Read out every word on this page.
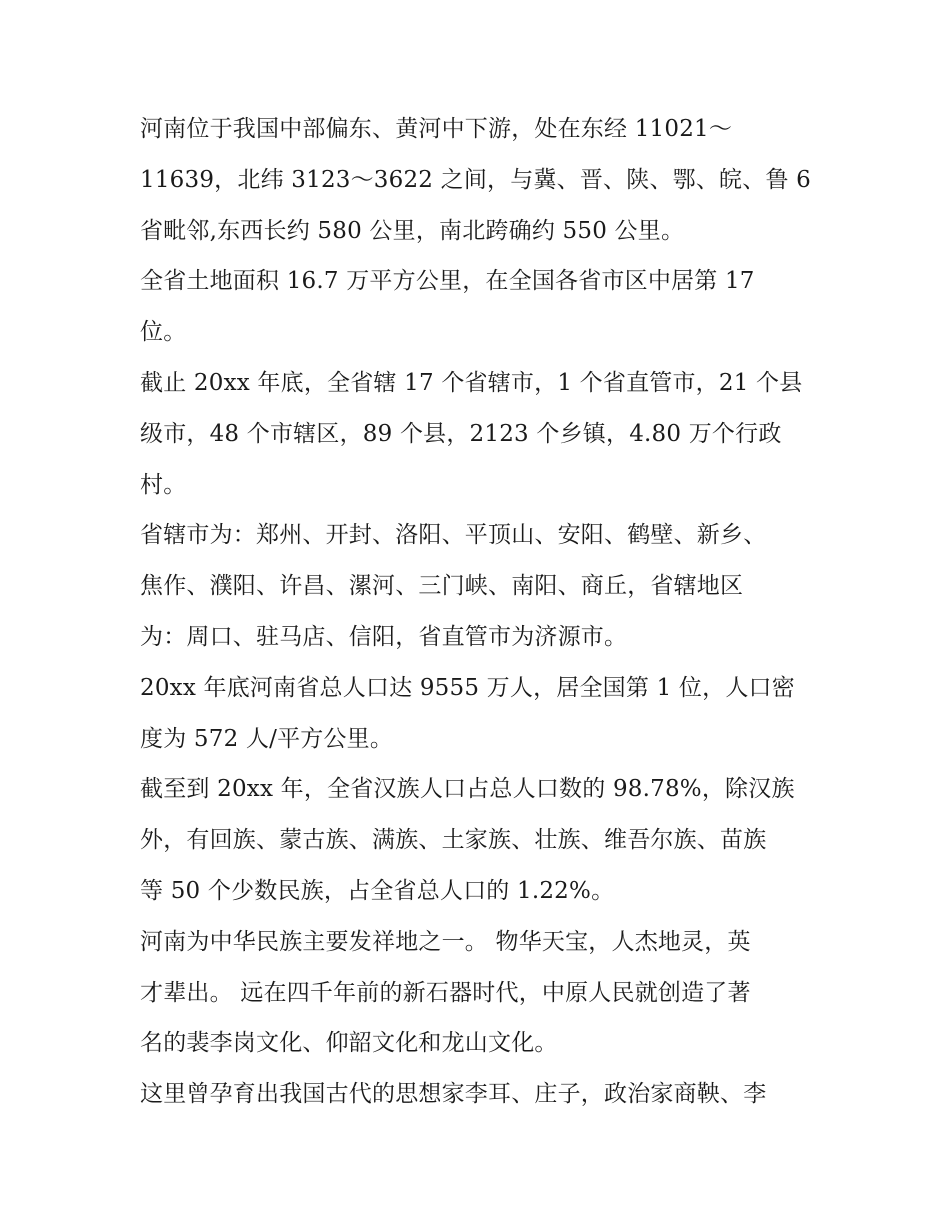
河南位于我国中部偏东、黄河中下游，处在东经 11021～
11639，北纬 3123～3622 之间，与冀、晋、陕、鄂、皖、鲁 6
省毗邻,东西长约 580 公里，南北跨确约 550 公里。
全省土地面积 16.7 万平方公里，在全国各省市区中居第 17
位。
截止 20xx 年底，全省辖 17 个省辖市，1 个省直管市，21 个县
级市，48 个市辖区，89 个县，2123 个乡镇，4.80 万个行政
村。
省辖市为：郑州、开封、洛阳、平顶山、安阳、鹤壁、新乡、
焦作、濮阳、许昌、漯河、三门峡、南阳、商丘，省辖地区
为：周口、驻马店、信阳，省直管市为济源市。
20xx 年底河南省总人口达 9555 万人，居全国第 1 位，人口密
度为 572 人/平方公里。
截至到 20xx 年，全省汉族人口占总人口数的 98.78%，除汉族
外，有回族、蒙古族、满族、土家族、壮族、维吾尔族、苗族
等 50 个少数民族，占全省总人口的 1.22%。
河南为中华民族主要发祥地之一。 物华天宝，人杰地灵，英
才辈出。 远在四千年前的新石器时代，中原人民就创造了著
名的裴李岗文化、仰韶文化和龙山文化。
这里曾孕育出我国古代的思想家李耳、庄子，政治家商鞅、李
